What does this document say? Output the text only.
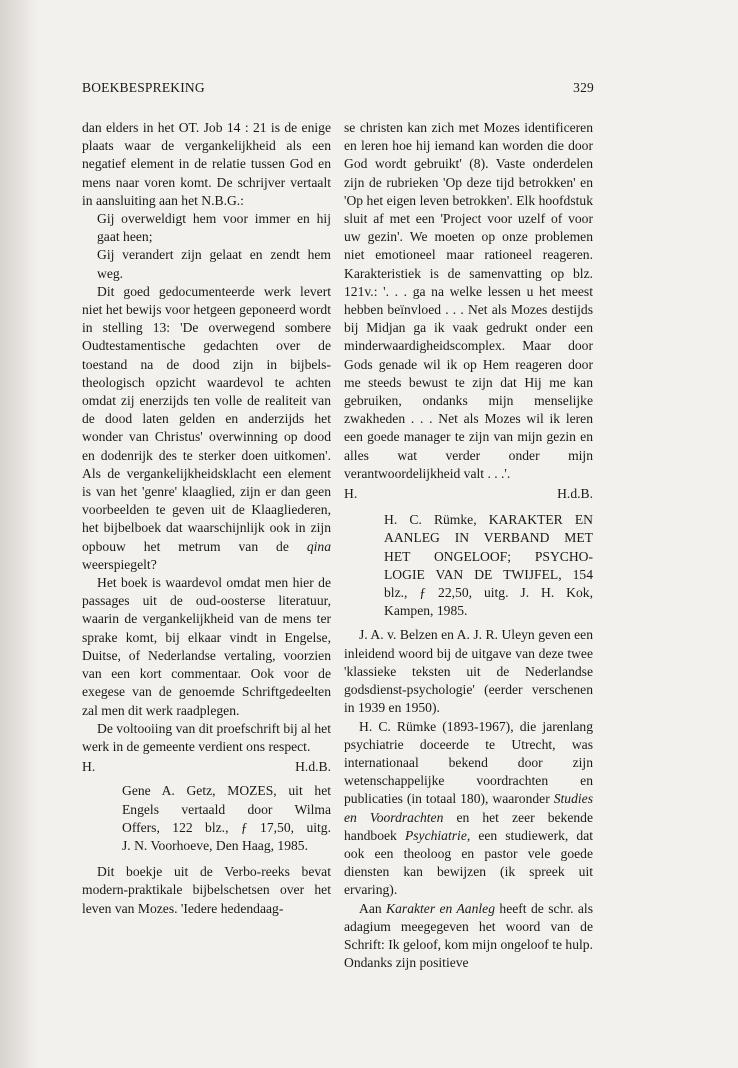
BOEKBESPREKING	329

dan elders in het OT. Job 14 : 21 is de enige plaats waar de vergankelijkheid als een negatief element in de relatie tussen God en mens naar voren komt. De schrijver vertaalt in aansluiting aan het N.B.G.:

Gij overweldigt hem voor immer en hij gaat heen;

Gij verandert zijn gelaat en zendt hem weg.

Dit goed gedocumenteerde werk levert niet het bewijs voor hetgeen geponeerd wordt in stelling 13: 'De overwegend sombere Oudtestamentische gedachten over de toestand na de dood zijn in bijbels-theologisch opzicht waardevol te achten omdat zij enerzijds ten volle de realiteit van de dood laten gelden en anderzijds het wonder van Christus' overwinning op dood en dodenrijk des te sterker doen uitkomen'. Als de vergankelijkheidsklacht een element is van het 'genre' klaaglied, zijn er dan geen voorbeelden te geven uit de Klaagliederen, het bijbelboek dat waarschijnlijk ook in zijn opbouw het metrum van de qina weerspiegelt?

Het boek is waardevol omdat men hier de passages uit de oud-oosterse literatuur, waarin de vergankelijkheid van de mens ter sprake komt, bij elkaar vindt in Engelse, Duitse, of Nederlandse vertaling, voorzien van een kort commentaar. Ook voor de exegese van de genoemde Schriftgedeelten zal men dit werk raadplegen.

De voltooiing van dit proefschrift bij al het werk in de gemeente verdient ons respect.

H.	H.d.B.
Gene A. Getz, MOZES, uit het
Engels vertaald door Wilma
Offers, 122 blz., ƒ 17,50, uitg.
J. N. Voorhoeve, Den Haag, 1985.

Dit boekje uit de Verbo-reeks bevat modern-praktikale bijbelschetsen over het leven van Mozes. 'Iedere hedendaag-

se christen kan zich met Mozes identificeren en leren hoe hij iemand kan worden die door God wordt gebruikt' (8). Vaste onderdelen zijn de rubrieken 'Op deze tijd betrokken' en 'Op het eigen leven betrokken'. Elk hoofdstuk sluit af met een 'Project voor uzelf of voor uw gezin'. We moeten op onze problemen niet emotioneel maar rationeel reageren. Karakteristiek is de samenvatting op blz. 121v.: '. . . ga na welke lessen u het meest hebben beïnvloed . . . Net als Mozes destijds bij Midjan ga ik vaak gedrukt onder een minderwaardigheidscomplex. Maar door Gods genade wil ik op Hem reageren door me steeds bewust te zijn dat Hij me kan gebruiken, ondanks mijn menselijke zwakheden . . . Net als Mozes wil ik leren een goede manager te zijn van mijn gezin en alles wat verder onder mijn verantwoordelijkheid valt . . .'.

H.	H.d.B.
H. C. Rümke, KARAKTER EN
AANLEG IN VERBAND MET
HET ONGELOOF; PSYCHO-
LOGIE VAN DE TWIJFEL, 154
blz., ƒ 22,50, uitg. J. H. Kok,
Kampen, 1985.

J. A. v. Belzen en A. J. R. Uleyn geven een inleidend woord bij de uitgave van deze twee 'klassieke teksten uit de Nederlandse godsdienst-psychologie' (eerder verschenen in 1939 en 1950).

H. C. Rümke (1893-1967), die jarenlang psychiatrie doceerde te Utrecht, was internationaal bekend door zijn wetenschappelijke voordrachten en publicaties (in totaal 180), waaronder Studies en Voordrachten en het zeer bekende handboek Psychiatrie, een studiewerk, dat ook een theoloog en pastor vele goede diensten kan bewijzen (ik spreek uit ervaring).

Aan Karakter en Aanleg heeft de schr. als adagium meegegeven het woord van de Schrift: Ik geloof, kom mijn ongeloof te hulp. Ondanks zijn positieve
